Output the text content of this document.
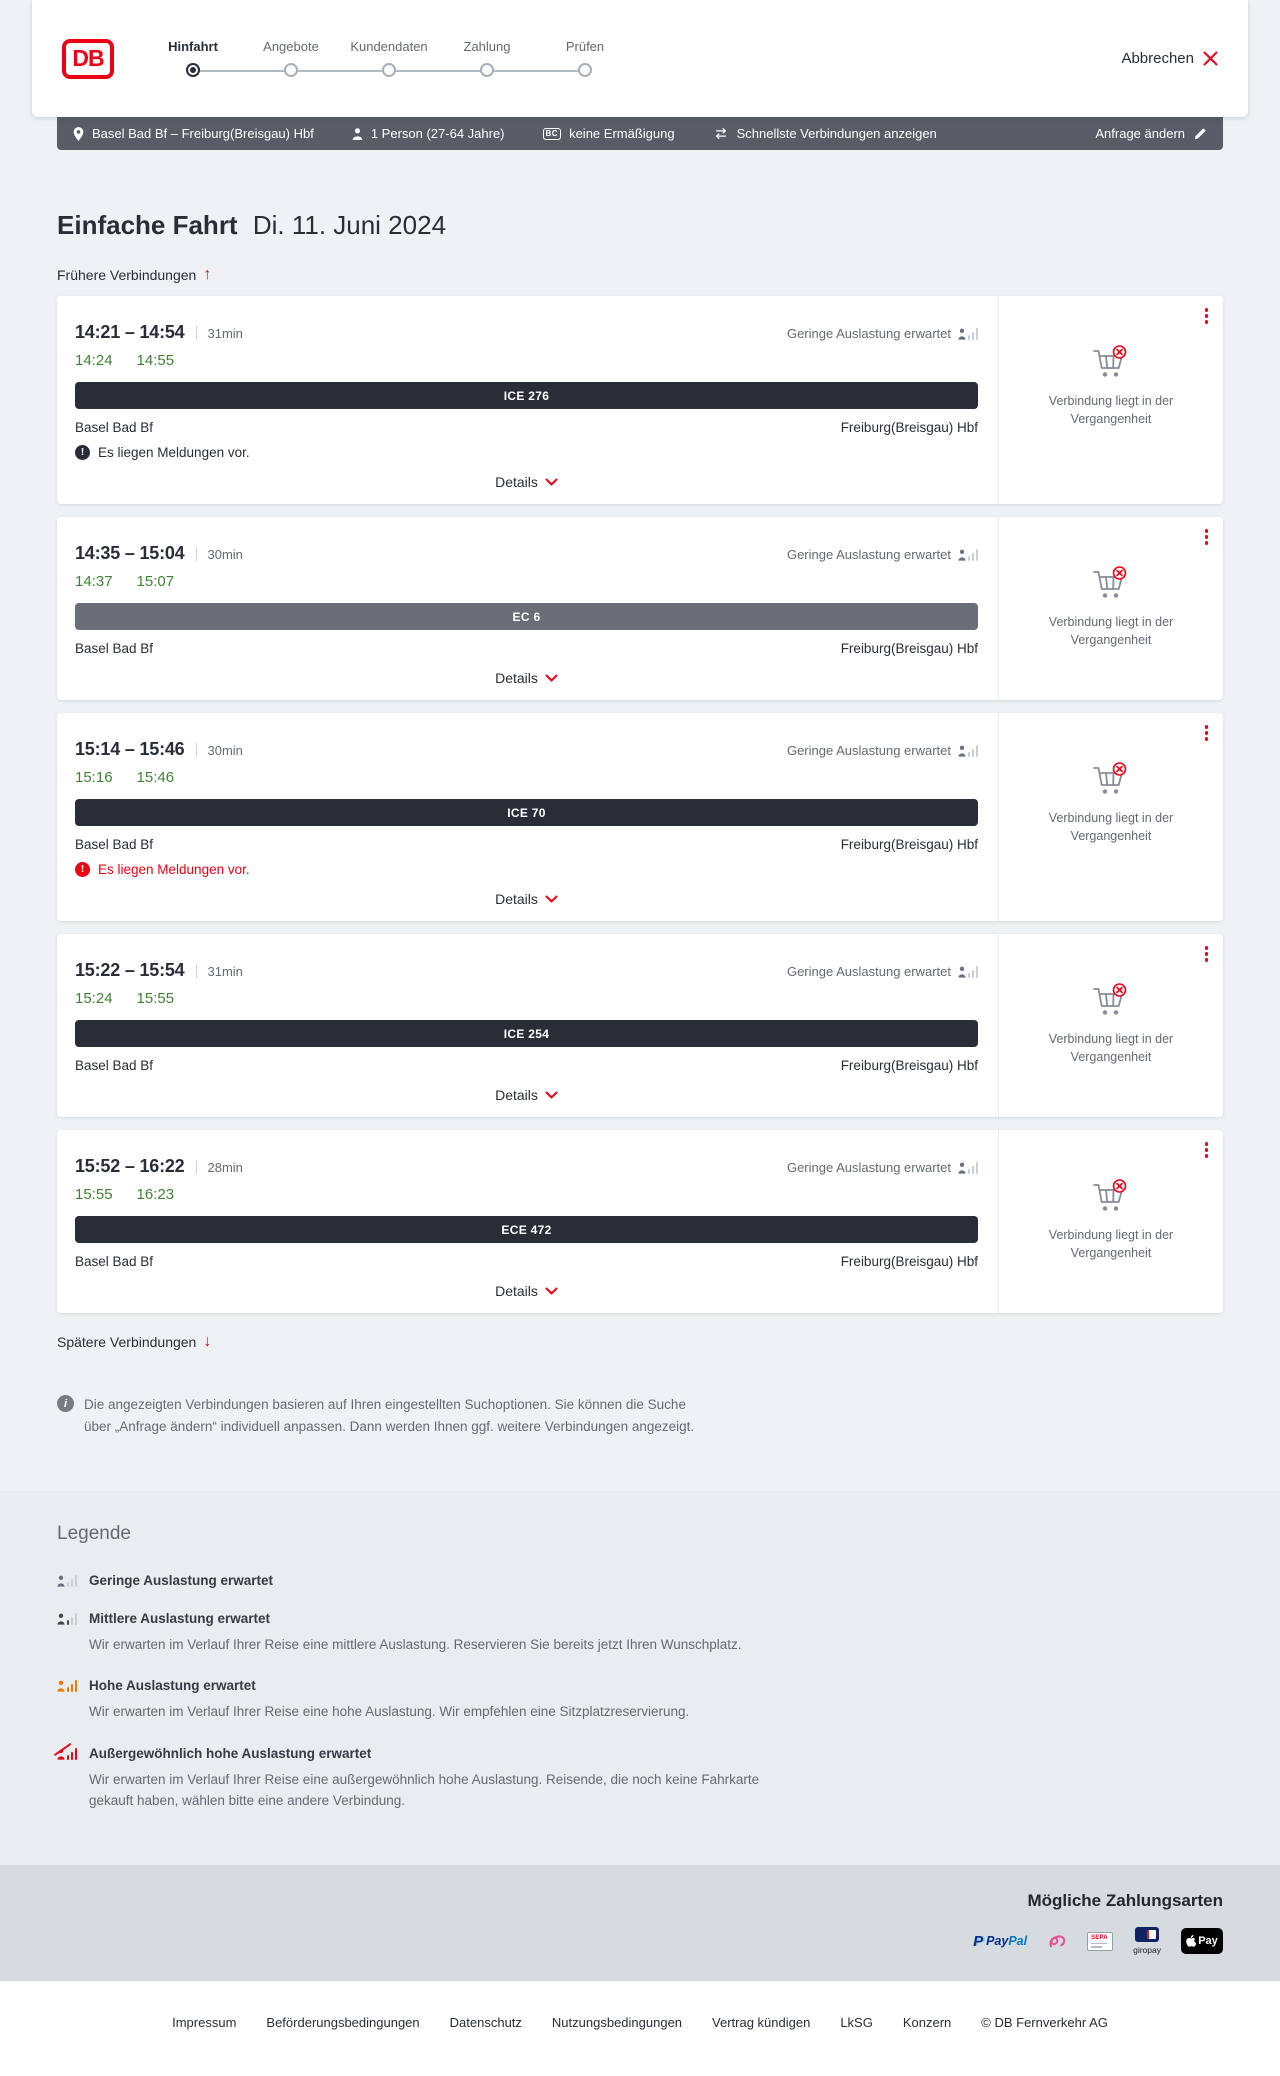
DB	Hinfahrt	Angebote Kundendaten	Zahlung	Prüfen
Abbrechen
Basel Bad Bf – Freiburg(Breisgau) Hbf	1 Person (27-64 Jahre)	BC keine Ermäßigung	Schnellste Verbindungen anzeigen	Anfrage ändern
Einfache Fahrt Di. 11. Juni 2024
Frühere Verbindungen ↑
14:21 – 14:54 31min	Geringe Auslastung erwartet
14:24 14:55
ICE 276
Basel Bad Bf	Freiburg(Breisgau) Hbf
!	Es liegen Meldungen vor.
Details

Verbindung liegt in der Vergangenheit

14:35 – 15:04 30min	Geringe Auslastung erwartet
14:37 15:07
EC 6
Basel Bad Bf	Freiburg(Breisgau) Hbf
Details

Verbindung liegt in der Vergangenheit

15:14 – 15:46 30min	Geringe Auslastung erwartet
15:16 15:46
ICE 70
Basel Bad Bf	Freiburg(Breisgau) Hbf
!	Es liegen Meldungen vor.
Details

Verbindung liegt in der Vergangenheit

15:22 – 15:54 31min	Geringe Auslastung erwartet
15:24 15:55
ICE 254
Basel Bad Bf	Freiburg(Breisgau) Hbf
Details

Verbindung liegt in der Vergangenheit

15:52 – 16:22 28min	Geringe Auslastung erwartet
15:55 16:23
ECE 472
Basel Bad Bf	Freiburg(Breisgau) Hbf
Details

Verbindung liegt in der Vergangenheit

Spätere Verbindungen ↓
i	Die angezeigten Verbindungen basieren auf Ihren eingestellten Suchoptionen. Sie können die Suche über „Anfrage ändern“ individuell anpassen. Dann werden Ihnen ggf. weitere Verbindungen angezeigt.

Legende
Geringe Auslastung erwartet
Mittlere Auslastung erwartet

Wir erwarten im Verlauf Ihrer Reise eine mittlere Auslastung. Reservieren Sie bereits jetzt Ihren Wunschplatz.

Hohe Auslastung erwartet

Wir erwarten im Verlauf Ihrer Reise eine hohe Auslastung. Wir empfehlen eine Sitzplatzreservierung.

Außergewöhnlich hohe Auslastung erwartet

Wir erwarten im Verlauf Ihrer Reise eine außergewöhnlich hohe Auslastung. Reisende, die noch keine Fahrkarte gekauft haben, wählen bitte eine andere Verbindung.

Mögliche Zahlungsarten
P PayPal	SEPA
giropay
Pay
Impressum Beförderungsbedingungen Datenschutz Nutzungsbedingungen Vertrag kündigen LkSG Konzern © DB Fernverkehr AG
